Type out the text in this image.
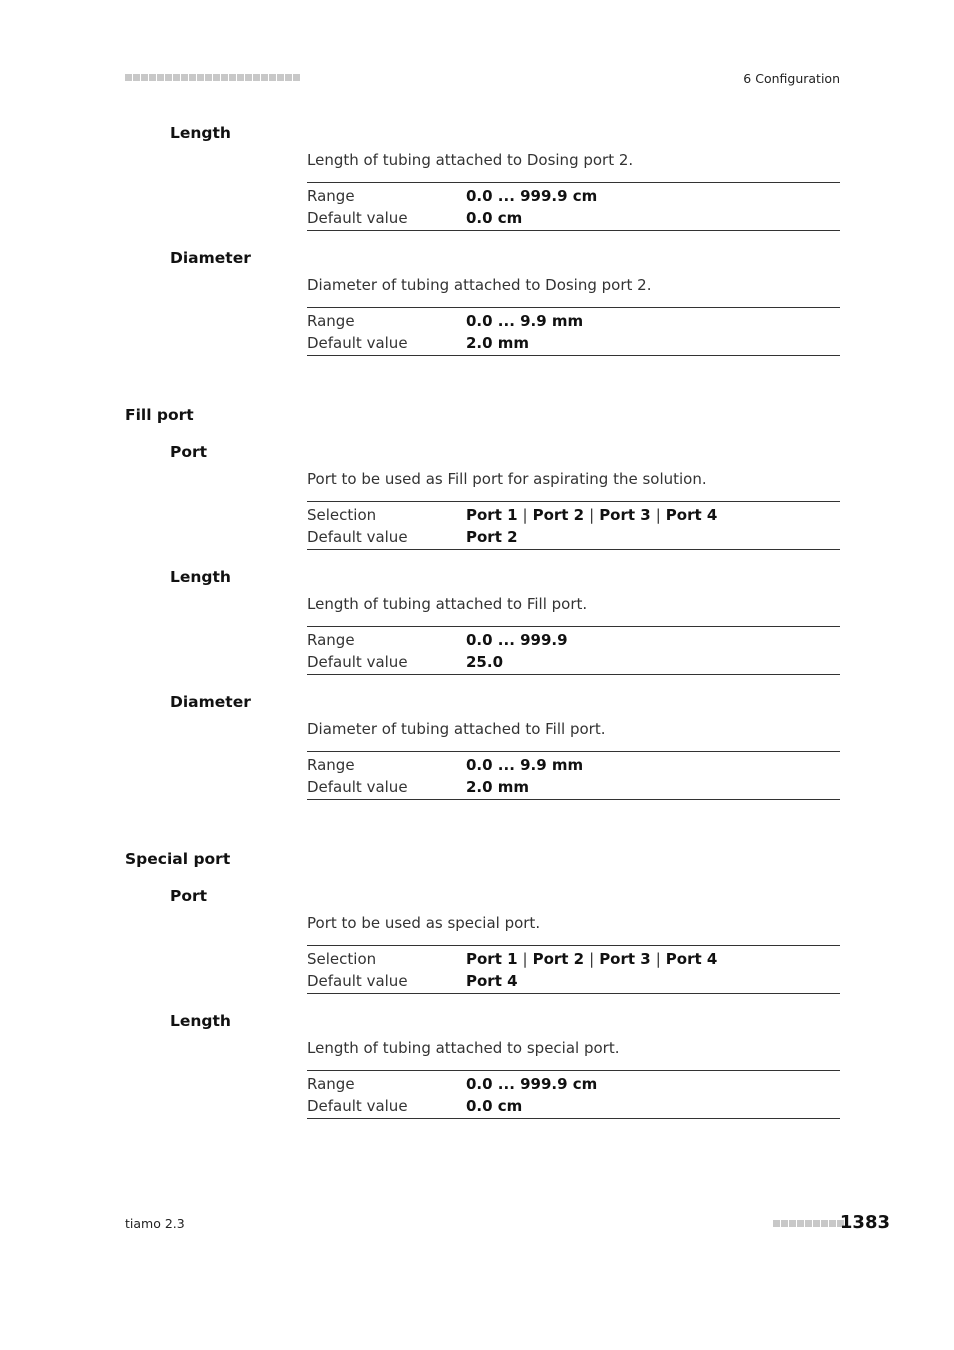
6 Configuration
Length
Length of tubing attached to Dosing port 2.
Range	0.0 ... 999.9 cm
Default value	0.0 cm
Diameter
Diameter of tubing attached to Dosing port 2.
Range	0.0 ... 9.9 mm
Default value	2.0 mm
Fill port
Port
Port to be used as Fill port for aspirating the solution.
Selection	Port 1 | Port 2 | Port 3 | Port 4
Default value	Port 2
Length
Length of tubing attached to Fill port.
Range	0.0 ... 999.9
Default value	25.0
Diameter
Diameter of tubing attached to Fill port.
Range	0.0 ... 9.9 mm
Default value	2.0 mm
Special port
Port
Port to be used as special port.
Selection	Port 1 | Port 2 | Port 3 | Port 4
Default value	Port 4
Length
Length of tubing attached to special port.
Range	0.0 ... 999.9 cm
Default value	0.0 cm
tiamo 2.3	1383
